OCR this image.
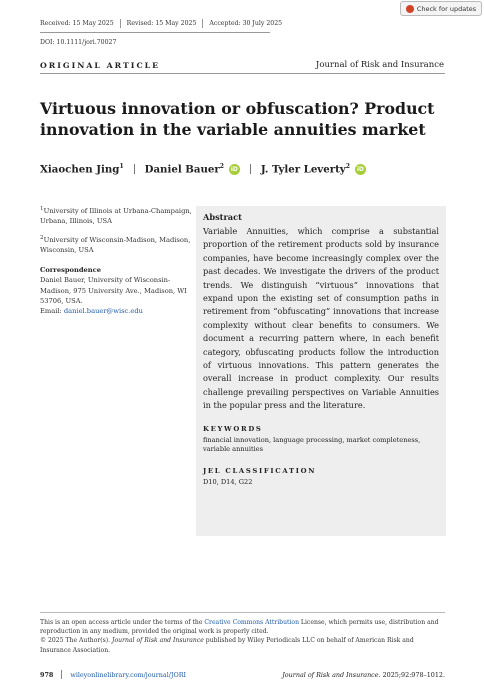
Check for updates
Received: 15 May 2025 Revised: 15 May 2025 Accepted: 30 July 2025
DOI: 10.1111/jori.70027
ORIGINAL ARTICLE	Journal of Risk and Insurance
Virtuous innovation or obfuscation? Product innovation in the variable annuities market
Xiaochen Jing$^1$ Daniel Bauer$^2$	iD J. Tyler Leverty$^2$	iD

$^1$University of Illinois at Urbana-Champaign, Urbana, Illinois, USA

$^2$University of Wisconsin-Madison, Madison, Wisconsin, USA

Correspondence

Daniel Bauer, University of Wisconsin-Madison, 975 University Ave., Madison, WI 53706, USA.
Email: daniel.bauer@wisc.edu

Abstract

Variable Annuities, which comprise a substantial proportion of the retirement products sold by insurance companies, have become increasingly complex over the past decades. We investigate the drivers of the product trends. We distinguish “virtuous” innovations that expand upon the existing set of consumption paths in retirement from “obfuscating” innovations that increase complexity without clear benefits to consumers. We document a recurring pattern where, in each benefit category, obfuscating products follow the introduction of virtuous innovations. This pattern generates the overall increase in product complexity. Our results challenge prevailing perspectives on Variable Annuities in the popular press and the literature.

KEYWORDS
financial innovation, language processing, market completeness, variable annuities
JEL CLASSIFICATION
D10, D14, G22

This is an open access article under the terms of the Creative Commons Attribution License, which permits use, distribution and reproduction in any medium, provided the original work is properly cited.

© 2025 The Author(s). Journal of Risk and Insurance published by Wiley Periodicals LLC on behalf of American Risk and Insurance Association.

978	wileyonlinelibrary.com/journal/JORI	Journal of Risk and Insurance. 2025;92:978–1012.
